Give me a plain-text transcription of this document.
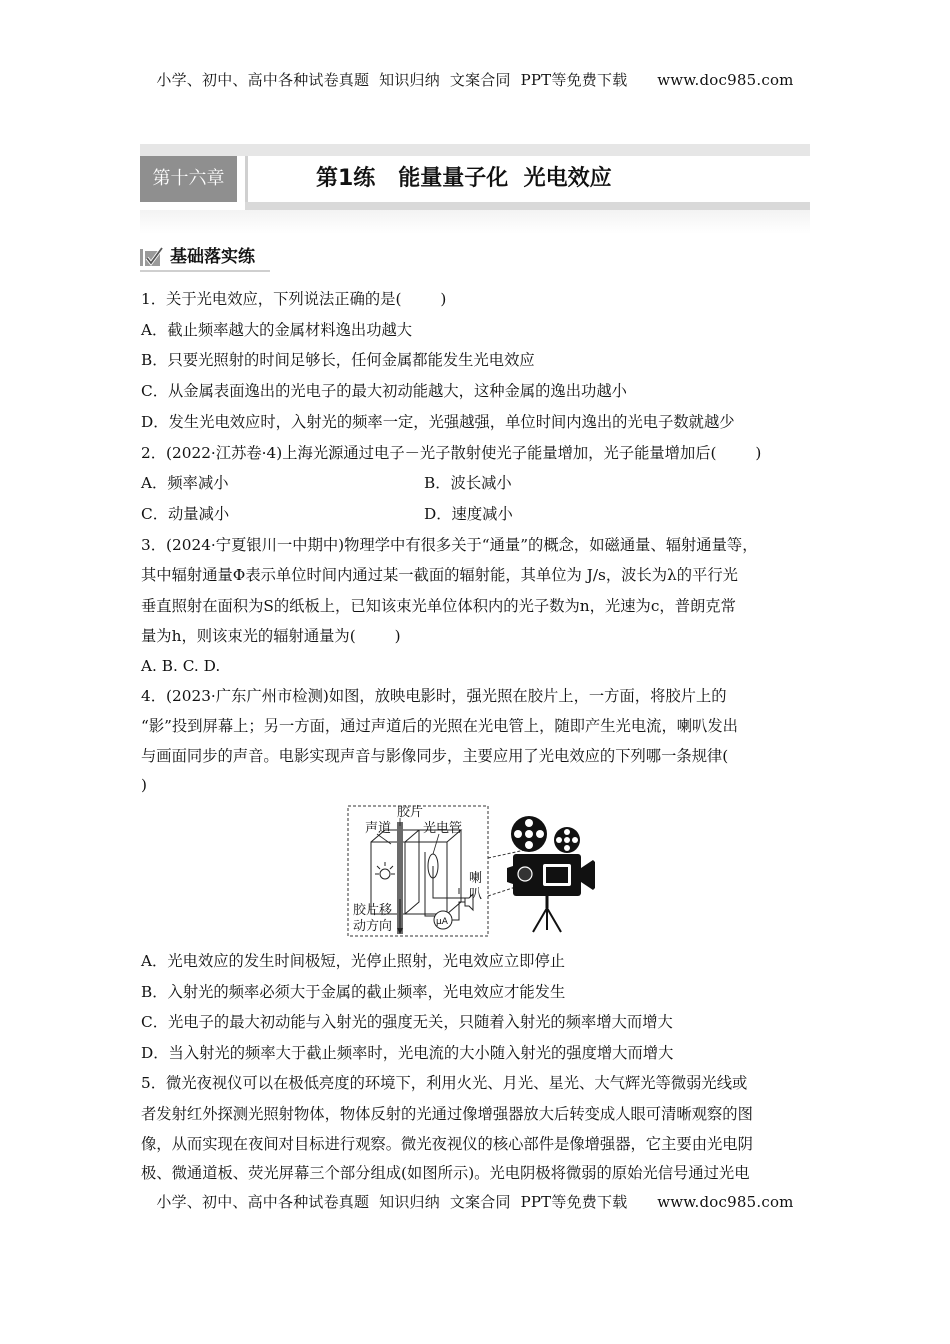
小学、初中、高中各种试卷真题  知识归纳  文案合同  PPT等免费下载      www.doc985.com
第十六章	第1练   能量量子化  光电效应
基础落实练
1．关于光电效应，下列说法正确的是(        )
A．截止频率越大的金属材料逸出功越大
B．只要光照射的时间足够长，任何金属都能发生光电效应
C．从金属表面逸出的光电子的最大初动能越大，这种金属的逸出功越小
D．发生光电效应时，入射光的频率一定，光强越强，单位时间内逸出的光电子数就越少
2．(2022·江苏卷·4)上海光源通过电子－光子散射使光子能量增加，光子能量增加后(        )
A．频率减小	B．波长减小
C．动量减小	D．速度减小
3．(2024·宁夏银川一中期中)物理学中有很多关于“通量”的概念，如磁通量、辐射通量等，
其中辐射通量Φ表示单位时间内通过某一截面的辐射能，其单位为 J/s，波长为λ的平行光
垂直照射在面积为S的纸板上，已知该束光单位体积内的光子数为n，光速为c，普朗克常
量为h，则该束光的辐射通量为(        )
A. B. C. D.
4．(2023·广东广州市检测)如图，放映电影时，强光照在胶片上，一方面，将胶片上的
“影”投到屏幕上；另一方面，通过声道后的光照在光电管上，随即产生光电流，喇叭发出
与画面同步的声音。电影实现声音与影像同步，主要应用了光电效应的下列哪一条规律(
)
胶片
声道 光电管
喇
叭
胶片移
动方向	μA
A．光电效应的发生时间极短，光停止照射，光电效应立即停止
B．入射光的频率必须大于金属的截止频率，光电效应才能发生
C．光电子的最大初动能与入射光的强度无关，只随着入射光的频率增大而增大
D．当入射光的频率大于截止频率时，光电流的大小随入射光的强度增大而增大
5．微光夜视仪可以在极低亮度的环境下，利用火光、月光、星光、大气辉光等微弱光线或
者发射红外探测光照射物体，物体反射的光通过像增强器放大后转变成人眼可清晰观察的图
像，从而实现在夜间对目标进行观察。微光夜视仪的核心部件是像增强器，它主要由光电阴
极、微通道板、荧光屏幕三个部分组成(如图所示)。光电阴极将微弱的原始光信号通过光电
小学、初中、高中各种试卷真题  知识归纳  文案合同  PPT等免费下载      www.doc985.com
